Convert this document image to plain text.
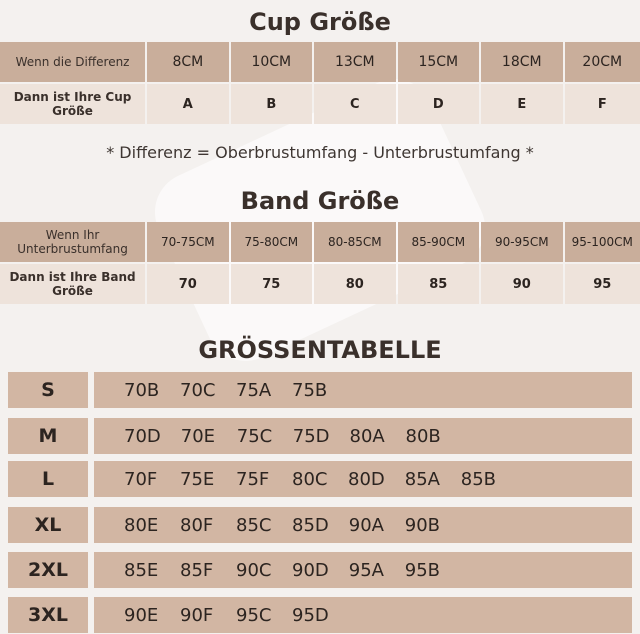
Cup Größe
Wenn die Differenz	8CM	10CM	13CM	15CM	18CM	20CM
Dann ist Ihre Cup Größe	A	B	C	D	E	F
* Differenz = Oberbrustumfang - Unterbrustumfang *
Band Größe
Wenn Ihr Unterbrustumfang	70-75CM	75-80CM	80-85CM	85-90CM	90-95CM	95-100CM
Dann ist Ihre Band Größe	70	75	80	85	90	95
GRÖSSENTABELLE
S	70B 70C 75A 75B
M	70D 70E 75C 75D 80A 80B
L	70F 75E 75F 80C 80D 85A 85B
XL	80E 80F 85C 85D 90A 90B
2XL	85E 85F 90C 90D 95A 95B
3XL	90E 90F 95C 95D
